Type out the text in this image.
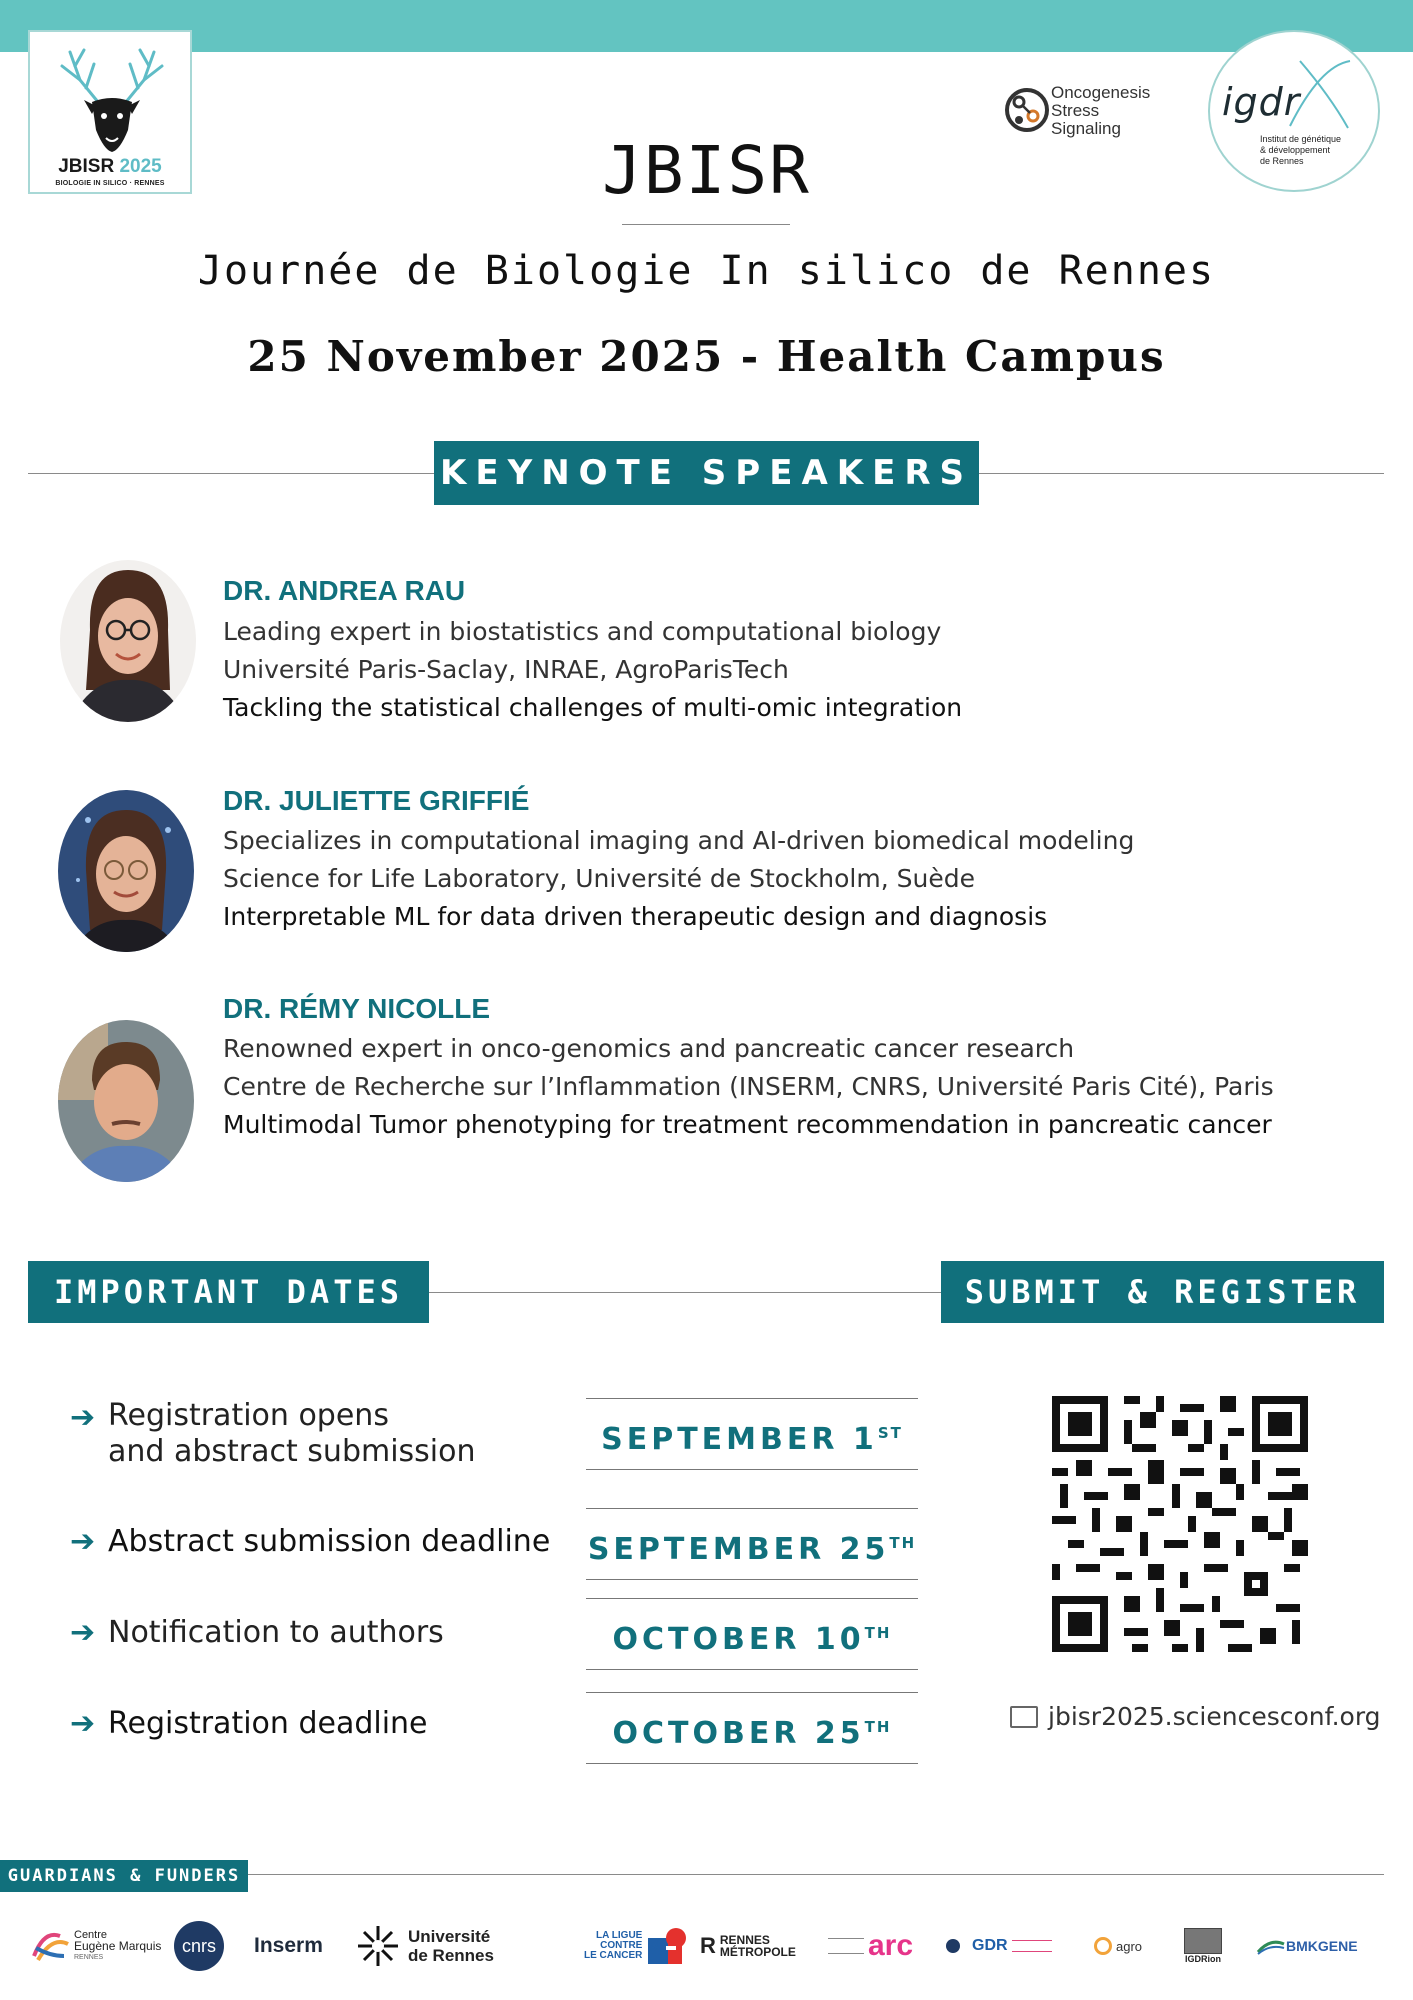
JBISR 2025
BIOLOGIE IN SILICO · RENNES
Oncogenesis
Stress
Signaling
igdr
Institut de génétique
& développement
de Rennes
JBISR
Journée de Biologie In silico de Rennes
25 November 2025 - Health Campus
KEYNOTE SPEAKERS
DR. ANDREA RAU
Leading expert in biostatistics and computational biology
Université Paris-Saclay, INRAE, AgroParisTech
Tackling the statistical challenges of multi-omic integration
DR. JULIETTE GRIFFIÉ
Specializes in computational imaging and AI-driven biomedical modeling
Science for Life Laboratory, Université de Stockholm, Suède
Interpretable ML for data driven therapeutic design and diagnosis
DR. RÉMY NICOLLE
Renowned expert in onco-genomics and pancreatic cancer research
Centre de Recherche sur l’Inflammation (INSERM, CNRS, Université Paris Cité), Paris
Multimodal Tumor phenotyping for treatment recommendation in pancreatic cancer
IMPORTANT DATES	SUBMIT & REGISTER
➔ Registration opens
and abstract submission	SEPTEMBER 1ST
➔ Abstract submission deadline SEPTEMBER 25TH
➔ Notification to authors	OCTOBER 10TH
➔ Registration deadline	OCTOBER 25TH	jbisr2025.sciencesconf.org
GUARDIANS & FUNDERS
Centre
Eugène Marquis
RENNES
cnrs	Inserm	Université
de Rennes
LA LIGUE
CONTRE
LE CANCER	R RENNES
MÉTROPOLE arc	GDR	agro
IGDRion
BMKGENE
